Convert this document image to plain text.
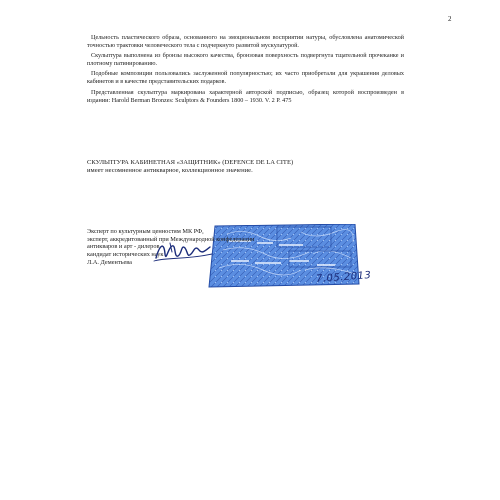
2

Цельность пластического образа, основанного на эмоциональном восприятии натуры, обусловлена анатомической точностью трактовки человеческого тела с подчеркнуто развитой мускулатурой.

Скульптура выполнена из бронзы высокого качества, бронзовая поверхность подвергнута тщательной прочеканке и плотному патинированию.

Подобные композиции пользовались заслуженной популярностью; их часто приобретали для украшения деловых кабинетов и в качестве представительских подарков.

Представленная скульптура маркирована характерной авторской подписью, образец которой воспроизведен в издании: Harold Berman Bronzes: Sculptors & Founders 1800 – 1930. V. 2 P. 475

СКУЛЬПТУРА КАБИНЕТНАЯ «ЗАЩИТНИК» (DEFENCE DE LA CITE)
имеет несомненное антикварное, коллекционное значение.
7.05.2013
Эксперт по культурным ценностям МК РФ,
эксперт, аккредитованный при Международной конфедерации
антикваров и арт - дилеров
кандидат исторических наук
Л.А. Дементьева
